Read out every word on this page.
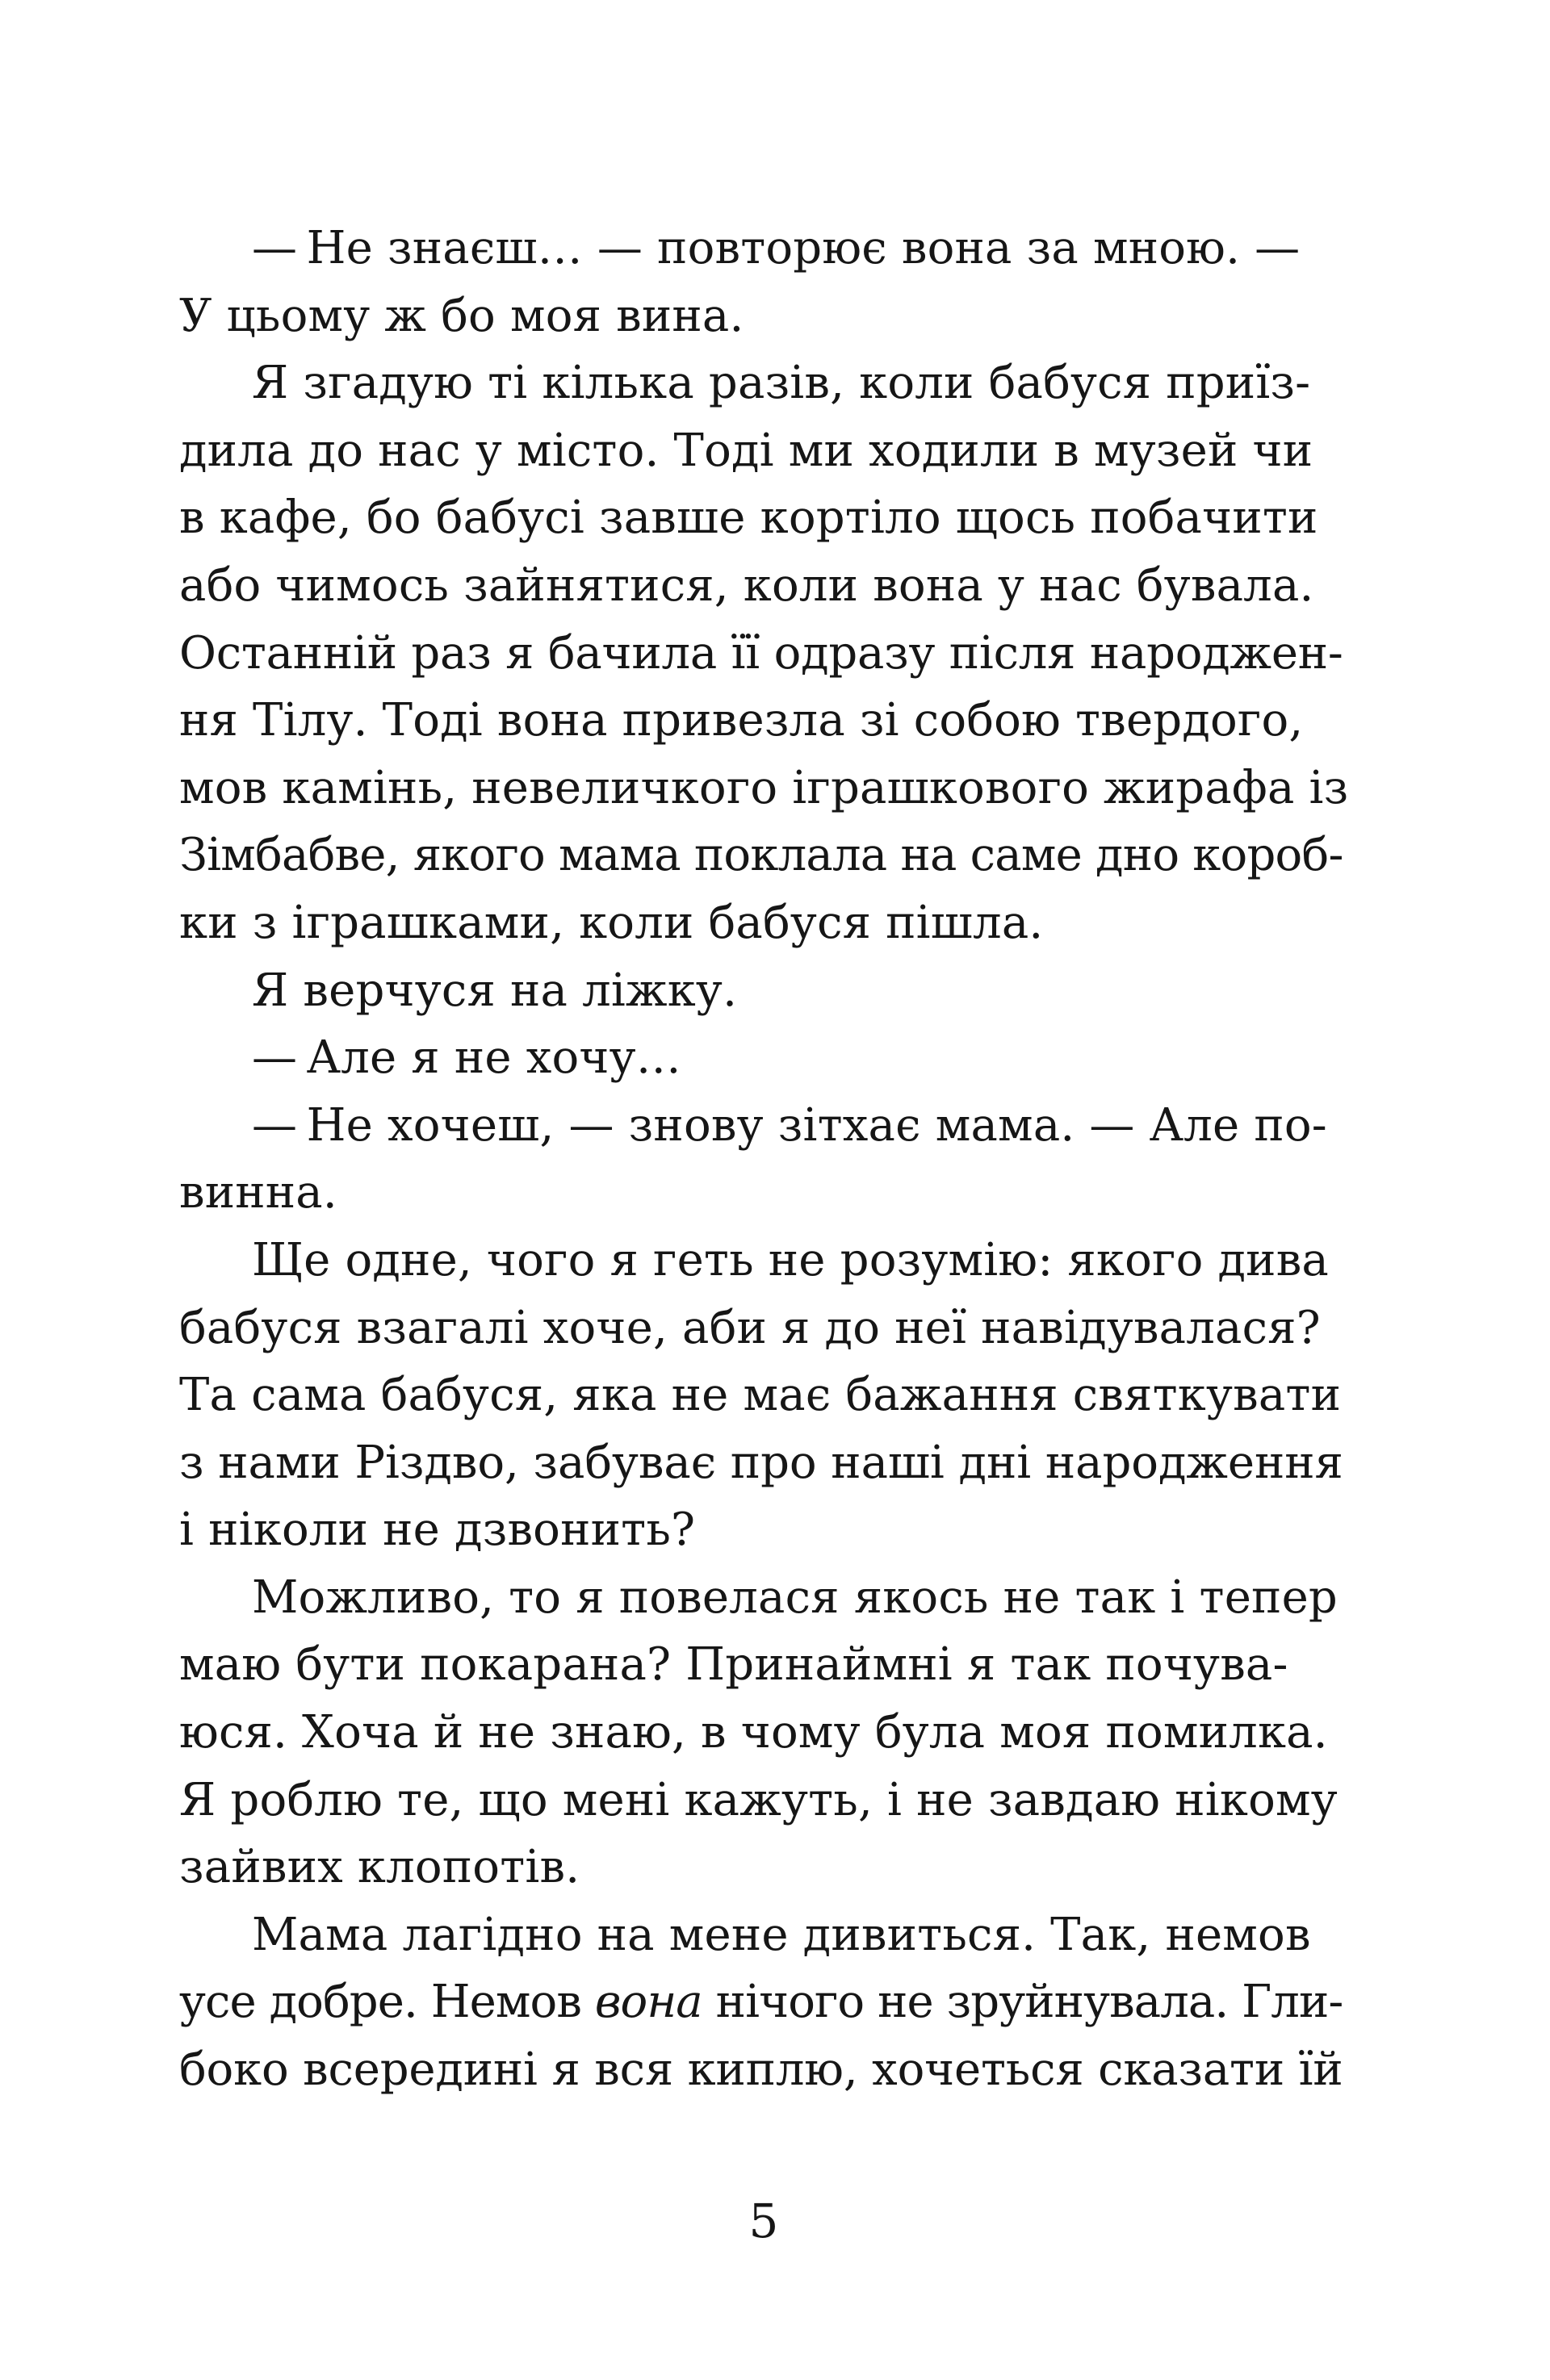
— Не знаєш… — повторює вона за мною. —
У цьому ж бо моя вина.
Я згадую ті кілька разів, коли бабуся приїз-
дила до нас у місто. Тоді ми ходили в музей чи
в кафе, бо бабусі завше кортіло щось побачити
або чимось зайнятися, коли вона у нас бувала.
Останній раз я бачила її одразу після народжен-
ня Тілу. Тоді вона привезла зі собою твердого,
мов камінь, невеличкого іграшкового жирафа із
Зімбабве, якого мама поклала на саме дно короб-
ки з іграшками, коли бабуся пішла.
Я верчуся на ліжку.
— Але я не хочу…
— Не хочеш, — знову зітхає мама. — Але по-
винна.
Ще одне, чого я геть не розумію: якого дива
бабуся взагалі хоче, аби я до неї навідувалася?
Та сама бабуся, яка не має бажання святкувати
з нами Різдво, забуває про наші дні народження
і ніколи не дзвонить?
Можливо, то я повелася якось не так і тепер
маю бути покарана? Принаймні я так почува-
юся. Хоча й не знаю, в чому була моя помилка.
Я роблю те, що мені кажуть, і не завдаю нікому
зайвих клопотів.
Мама лагідно на мене дивиться. Так, немов
усе добре. Немов вона нічого не зруйнувала. Гли-
боко всередині я вся киплю, хочеться сказати їй
5
